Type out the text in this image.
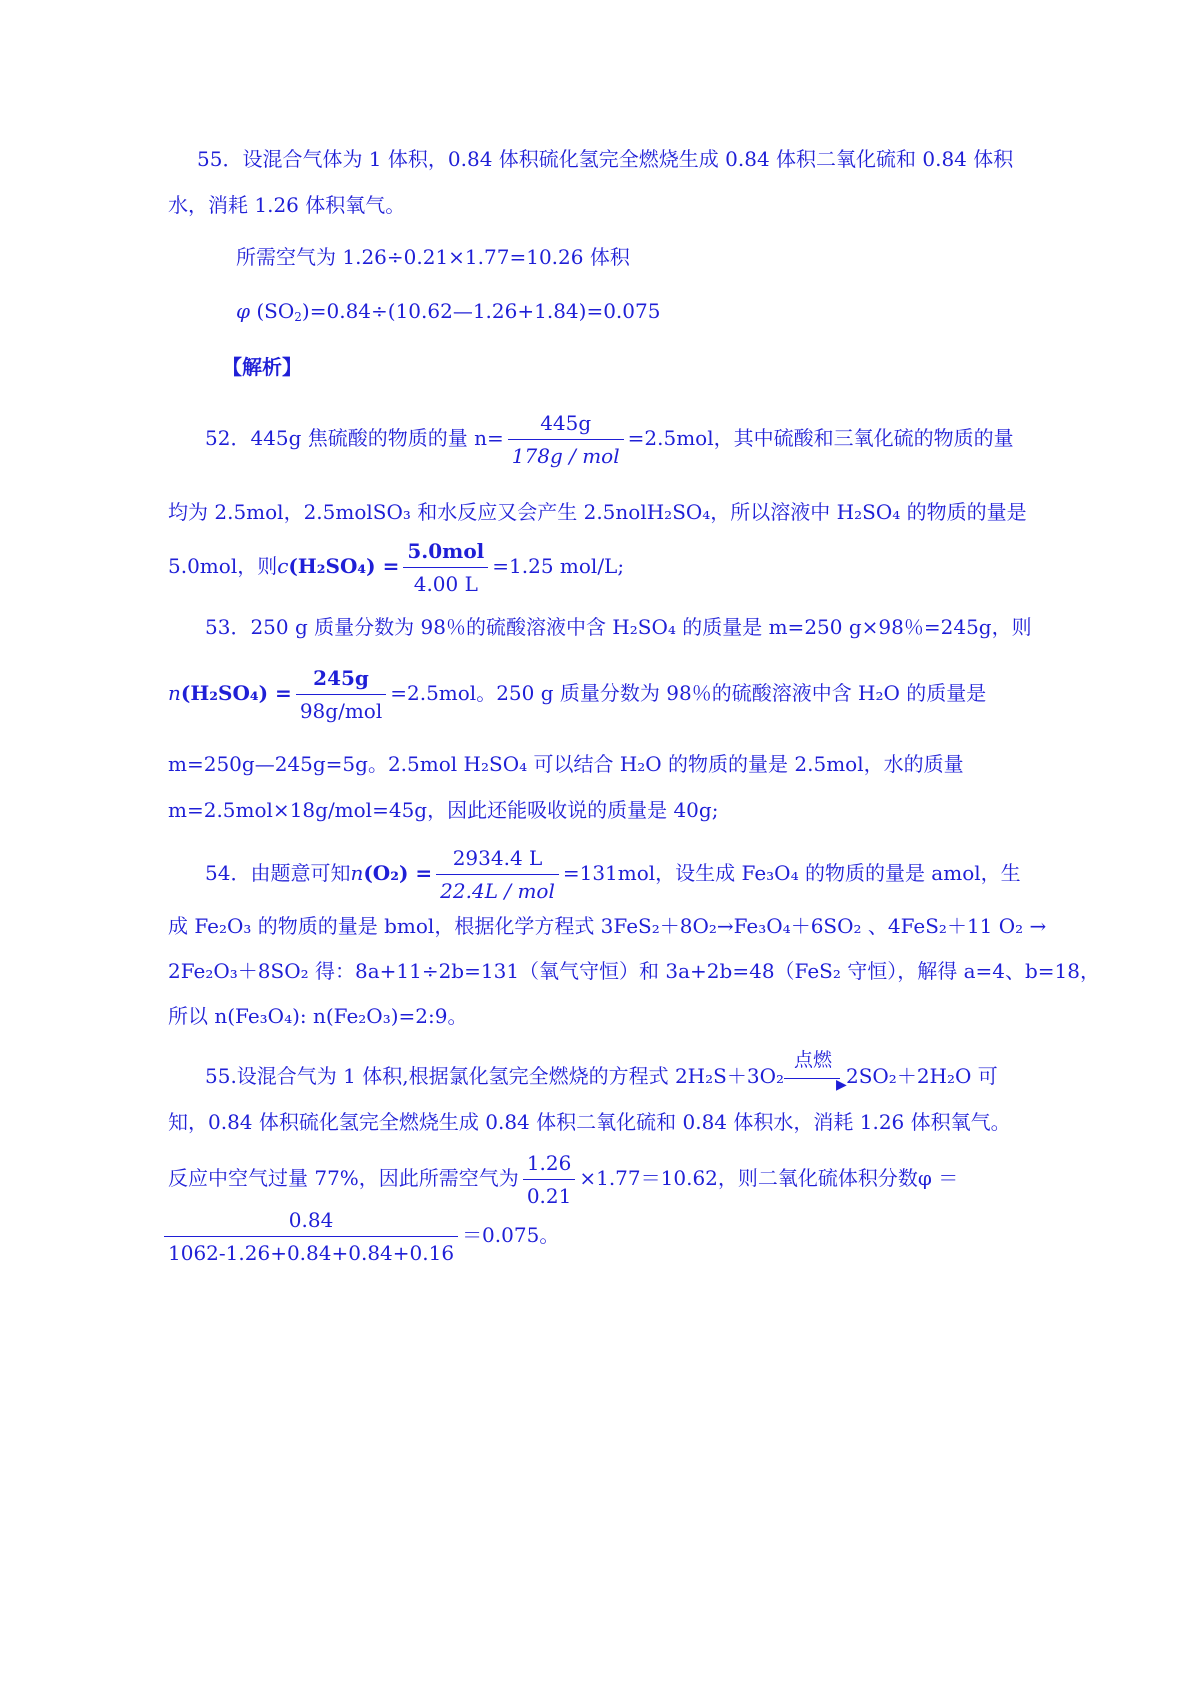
55．设混合气体为 1 体积，0.84 体积硫化氢完全燃烧生成 0.84 体积二氧化硫和 0.84 体积
水，消耗 1.26 体积氧气。
所需空气为 1.26÷0.21×1.77=10.26 体积
φ $(SO_2)=0.84\div(10.62—1.26+1.84)=0.075$
【解析】
52．445g 焦硫酸的物质的量 $n= \frac{445g}{\text{178g / mol}} =2.5mol$，其中硫酸和三氧化硫的物质的量
均为 2.5mol，2.5molSO₃ 和水反应又会产生 2.5nolH₂SO₄，所以溶液中 H₂SO₄ 的物质的量是
5.0mol，则$c(H_2SO_4) = \frac{\text{5.0mol}}{4.00 L} =1.25$ mol/L;
53．250 g 质量分数为 98％的硫酸溶液中含 H₂SO₄ 的质量是 m=250 g×98％=245g，则
$n(H_2SO_4) = \frac{245g}{\text{98g/mol}} =2.5mol$。250 g 质量分数为 98％的硫酸溶液中含 H₂O 的质量是
m=250g—245g=5g。2.5mol H₂SO₄ 可以结合 H₂O 的物质的量是 2.5mol，水的质量
m=2.5mol×18g/mol=45g，因此还能吸收说的质量是 40g;
54．由题意可知$n(O_2) = \frac{2934.4 L}{\text{22.4L / mol}} =131mol$，设生成 Fe₃O₄ 的物质的量是 amol，生
成 Fe₂O₃ 的物质的量是 bmol，根据化学方程式 3FeS₂＋8O₂→Fe₃O₄＋6SO₂ 、4FeS₂＋11 O₂ →
2Fe₂O₃＋8SO₂ 得：8a+11÷2b=131（氧气守恒）和 3a+2b=48（FeS₂ 守恒），解得 a=4、b=18，
所以 n(Fe₃O₄): n(Fe₂O₃)=2:9。
55.设混合气为 1 体积,根据氯化氢完全燃烧的方程式 2H₂S＋3O₂
点燃
▶ 2SO₂＋2H₂O 可
知，0.84 体积硫化氢完全燃烧生成 0.84 体积二氧化硫和 0.84 体积水，消耗 1.26 体积氧气。
反应中空气过量 77%，因此所需空气为 $\frac{1.26}{0.21} \times 1.77=10.62$，则二氧化硫体积分数φ ＝
$\frac{0.84}{1062-1.26+0.84+0.84+0.16} =0.075$。
